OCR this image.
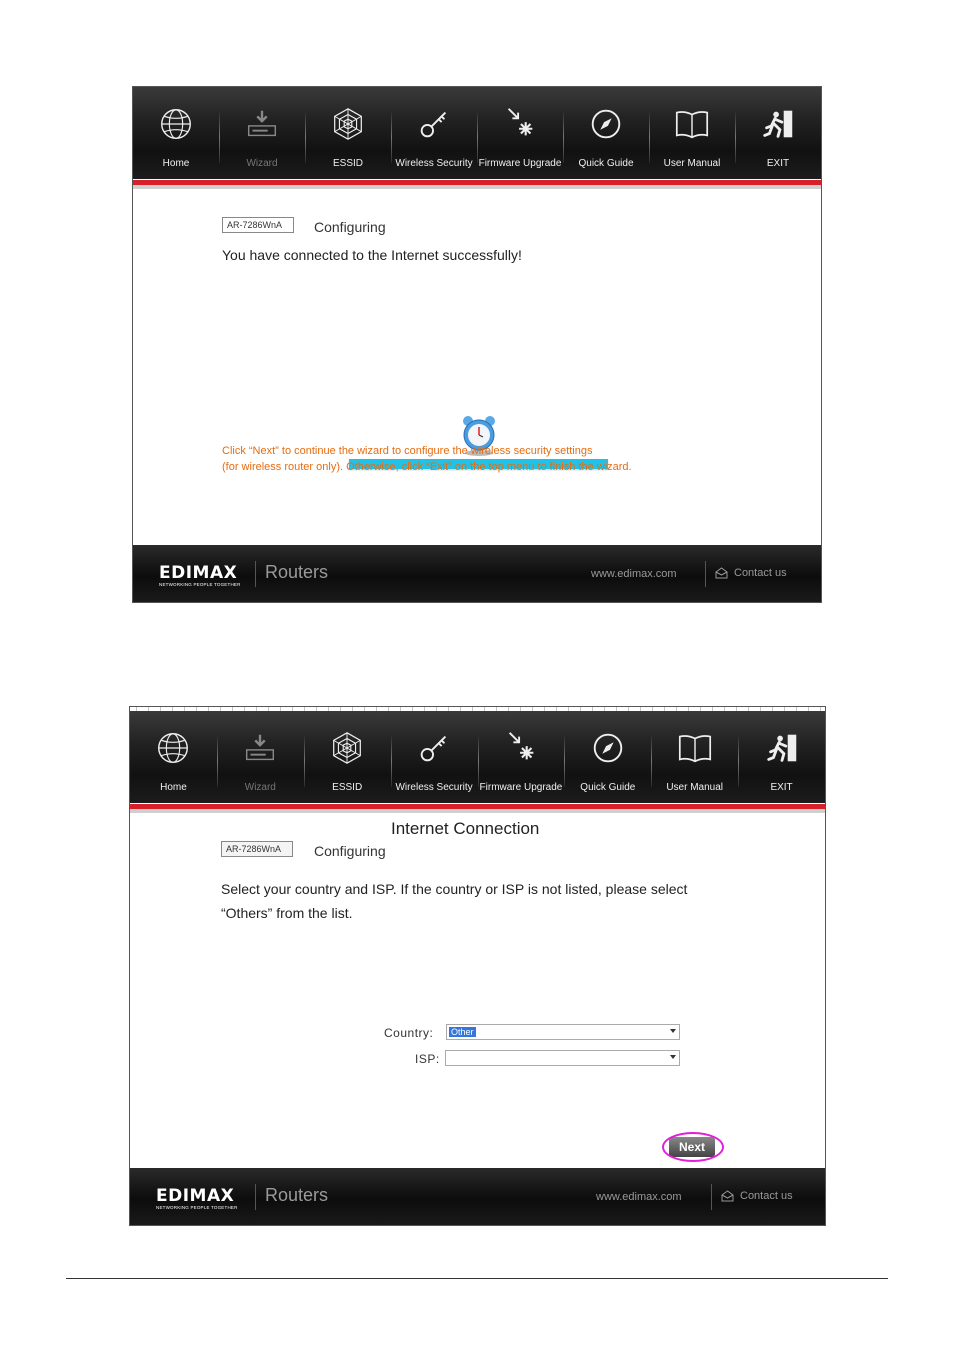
Home	Wizard	ESSID	Wireless Security Firmware Upgrade Quick Guide	User Manual	EXIT
AR-7286WnA	Configuring
You have connected to the Internet successfully!
Click “Next” to continue the wizard to configure the wireless security settings
(for wireless router only). Otherwise, click “Exit” on the top menu to finish the wizard.
EDIMAX
NETWORKING PEOPLE TOGETHER
Routers	www.edimax.com	Contact us
Home	Wizard	ESSID	Wireless Security Firmware Upgrade Quick Guide	User Manual	EXIT
Internet Connection
AR-7286WnA	Configuring
Select your country and ISP. If the country or ISP is not listed, please select
“Others” from the list.
Country: Other
ISP:
Next
EDIMAX
NETWORKING PEOPLE TOGETHER
Routers	www.edimax.com	Contact us
